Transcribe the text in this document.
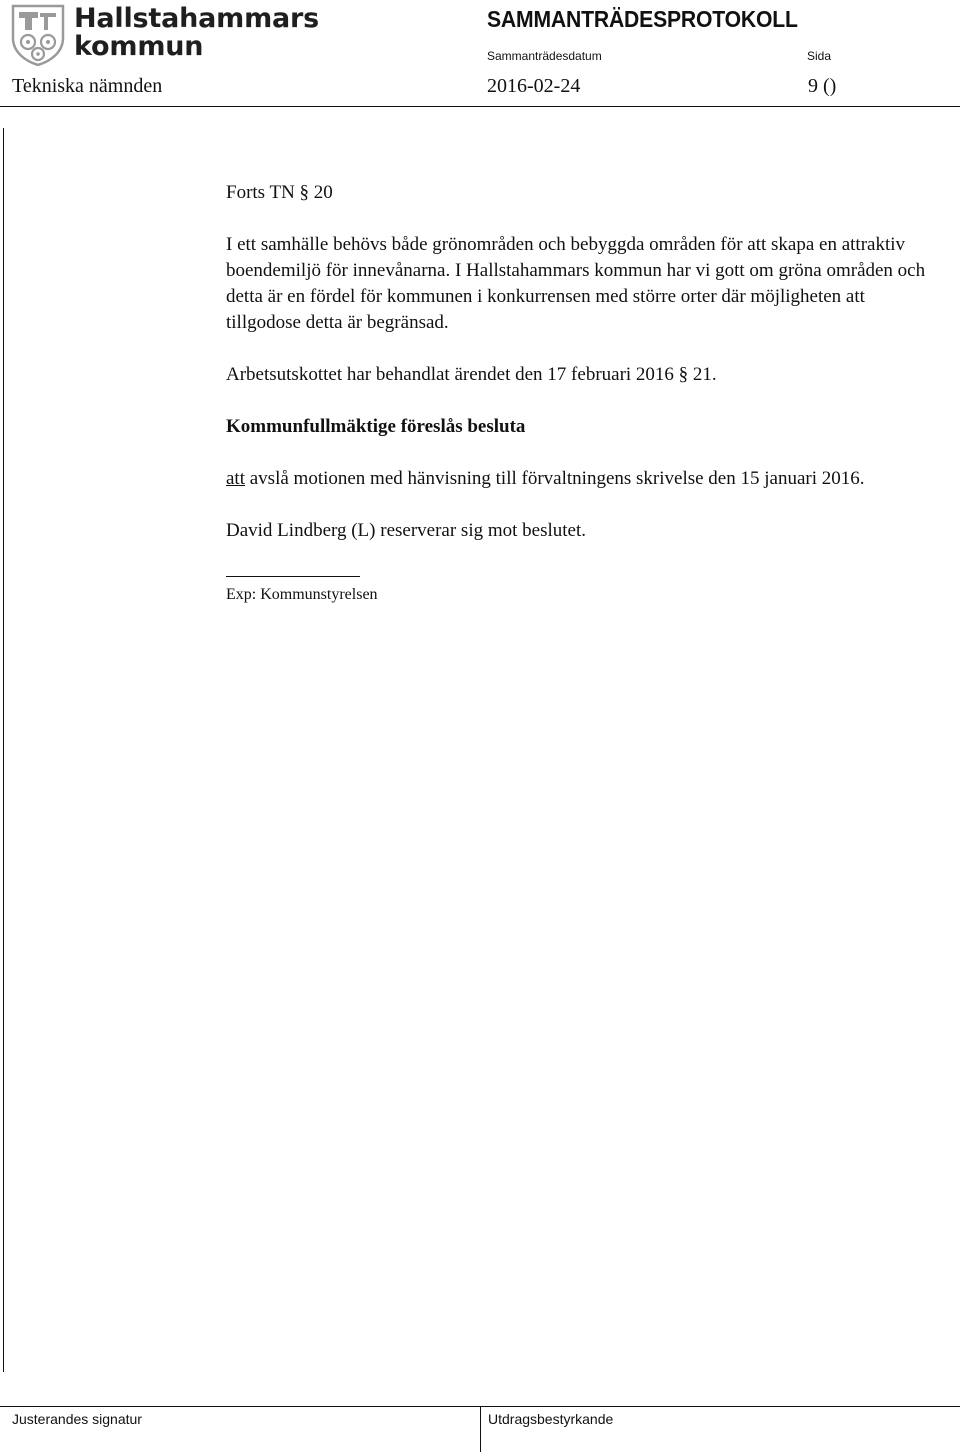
Hallstahammars
kommun
SAMMANTRÄDESPROTOKOLL
Sammanträdesdatum	Sida
Tekniska nämnden	2016-02-24	9 ()

Forts TN § 20

I ett samhälle behövs både grönområden och bebyggda områden för att skapa en attraktiv boendemiljö för innevånarna. I Hallstahammars kommun har vi gott om gröna områden och detta är en fördel för kommunen i konkurrensen med större orter där möjligheten att tillgodose detta är begränsad.

Arbetsutskottet har behandlat ärendet den 17 februari 2016 § 21.

Kommunfullmäktige föreslås besluta

att avslå motionen med hänvisning till förvaltningens skrivelse den 15 januari 2016.

David Lindberg (L) reserverar sig mot beslutet.

Exp: Kommunstyrelsen
Justerandes signatur	Utdragsbestyrkande
